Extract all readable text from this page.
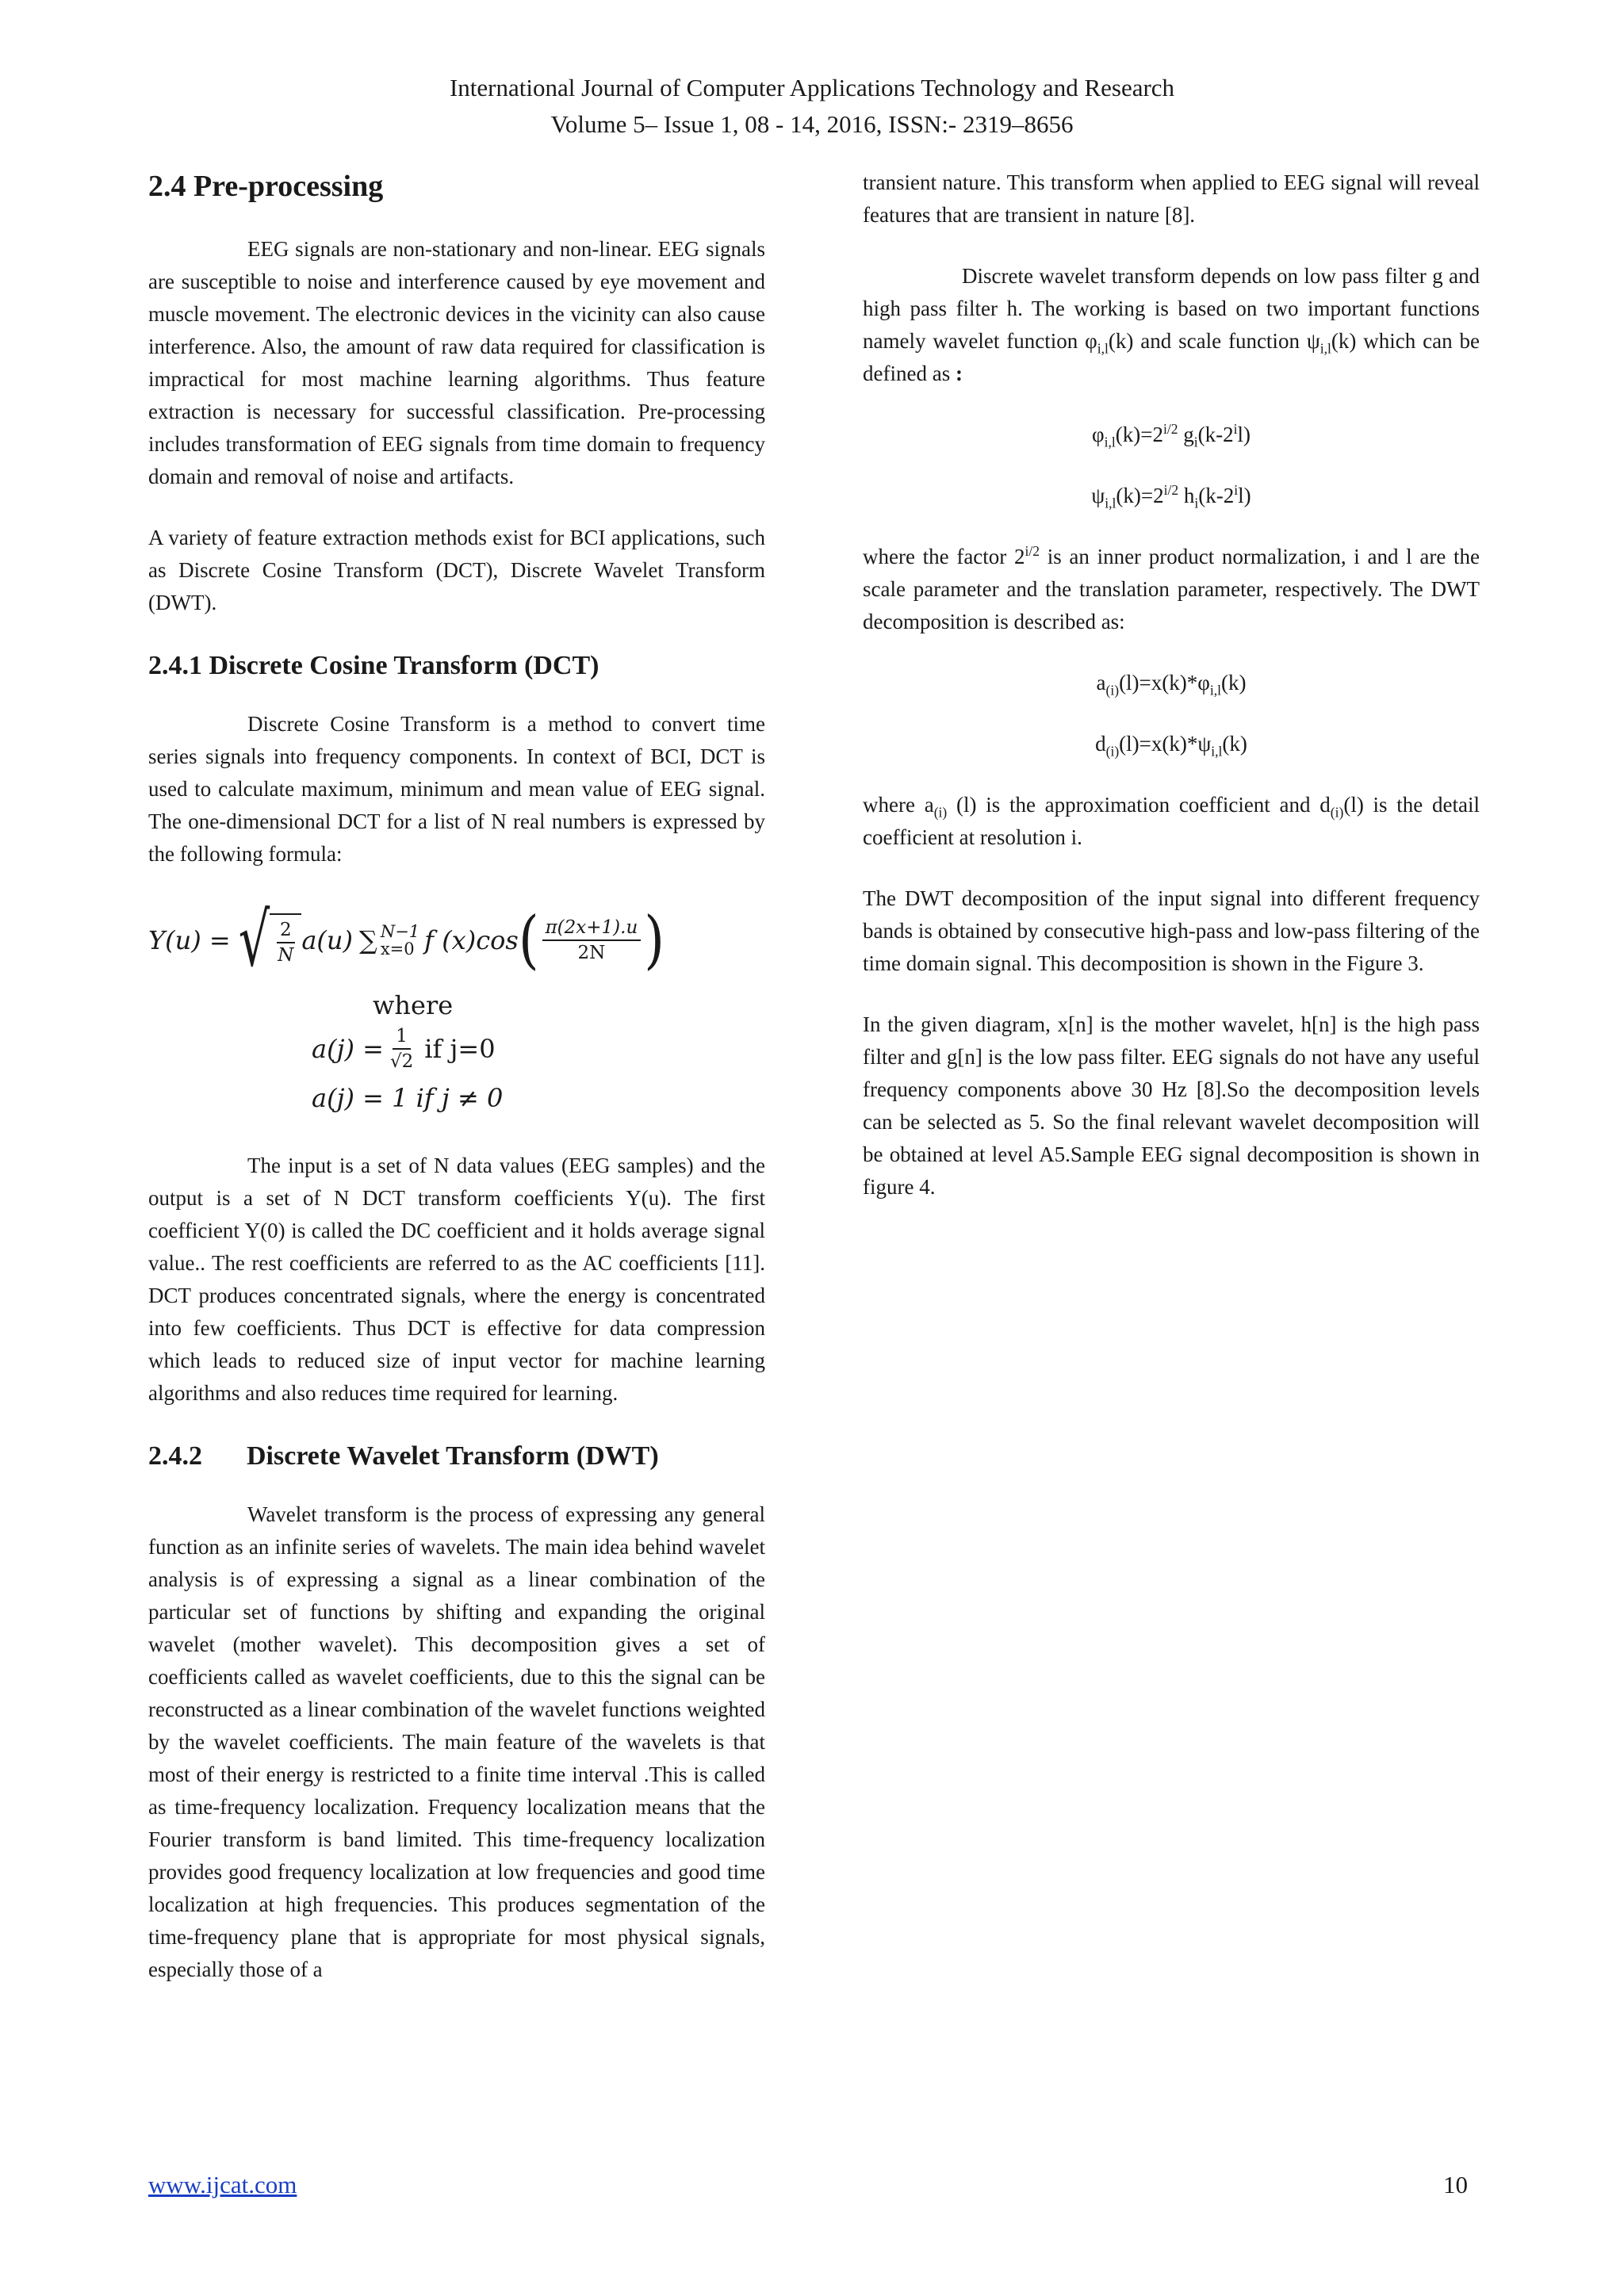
International Journal of Computer Applications Technology and Research
Volume 5– Issue 1, 08 - 14, 2016, ISSN:- 2319–8656
2.4 Pre-processing

EEG signals are non-stationary and non-linear. EEG signals are susceptible to noise and interference caused by eye movement and muscle movement. The electronic devices in the vicinity can also cause interference. Also, the amount of raw data required for classification is impractical for most machine learning algorithms. Thus feature extraction is necessary for successful classification. Pre-processing includes transformation of EEG signals from time domain to frequency domain and removal of noise and artifacts.

A variety of feature extraction methods exist for BCI applications, such as Discrete Cosine Transform (DCT), Discrete Wavelet Transform (DWT).

2.4.1 Discrete Cosine Transform (DCT)

Discrete Cosine Transform is a method to convert time series signals into frequency components. In context of BCI, DCT is used to calculate maximum, minimum and mean value of EEG signal. The one-dimensional DCT for a list of N real numbers is expressed by the following formula:

Y(u) = √ $\frac{2}{N} a(u)$ ∑ N−1
x=0 f (x)cos ( $\frac{\pi(2x+1).u}{2N}$ )
where
$a(j) = \frac{1}{√2}$ if j=0
a(j) = 1 if j ≠ 0

The input is a set of N data values (EEG samples) and the output is a set of N DCT transform coefficients Y(u). The first coefficient Y(0) is called the DC coefficient and it holds average signal value.. The rest coefficients are referred to as the AC coefficients [11]. DCT produces concentrated signals, where the energy is concentrated into few coefficients. Thus DCT is effective for data compression which leads to reduced size of input vector for machine learning algorithms and also reduces time required for learning.

2.4.2 Discrete Wavelet Transform (DWT)

Wavelet transform is the process of expressing any general function as an infinite series of wavelets. The main idea behind wavelet analysis is of expressing a signal as a linear combination of the particular set of functions by shifting and expanding the original wavelet (mother wavelet). This decomposition gives a set of coefficients called as wavelet coefficients, due to this the signal can be reconstructed as a linear combination of the wavelet functions weighted by the wavelet coefficients. The main feature of the wavelets is that most of their energy is restricted to a finite time interval .This is called as time-frequency localization. Frequency localization means that the Fourier transform is band limited. This time-frequency localization provides good frequency localization at low frequencies and good time localization at high frequencies. This produces segmentation of the time-frequency plane that is appropriate for most physical signals, especially those of a

transient nature. This transform when applied to EEG signal will reveal features that are transient in nature [8].

Discrete wavelet transform depends on low pass filter g and high pass filter h. The working is based on two important functions namely wavelet function $\varphi_{i,l}(k)$ and scale function $\psi_{i,l}(k)$ which can be defined as :

$\varphi_{i,l}(k)=2^{i/2}$ $g_i(k-2^il)$
$\psi_{i,l}(k)=2^{i/2}$ $h_i(k-2^il)$

where the factor $2^{i/2}$ is an inner product normalization, i and l are the scale parameter and the translation parameter, respectively. The DWT decomposition is described as:

$a_{(i)}(l)=x(k)*\varphi_{i,l}(k)$
$d_{(i)}(l)=x(k)*\psi_{i,l}(k)$

where $a_{(i)}$ (l) is the approximation coefficient and $d_{(i)}(l)$ is the detail coefficient at resolution i.

The DWT decomposition of the input signal into different frequency bands is obtained by consecutive high-pass and low-pass filtering of the time domain signal. This decomposition is shown in the Figure 3.

In the given diagram, x[n] is the mother wavelet, h[n] is the high pass filter and g[n] is the low pass filter. EEG signals do not have any useful frequency components above 30 Hz [8].So the decomposition levels can be selected as 5. So the final relevant wavelet decomposition will be obtained at level A5.Sample EEG signal decomposition is shown in figure 4.

www.ijcat.com	10
